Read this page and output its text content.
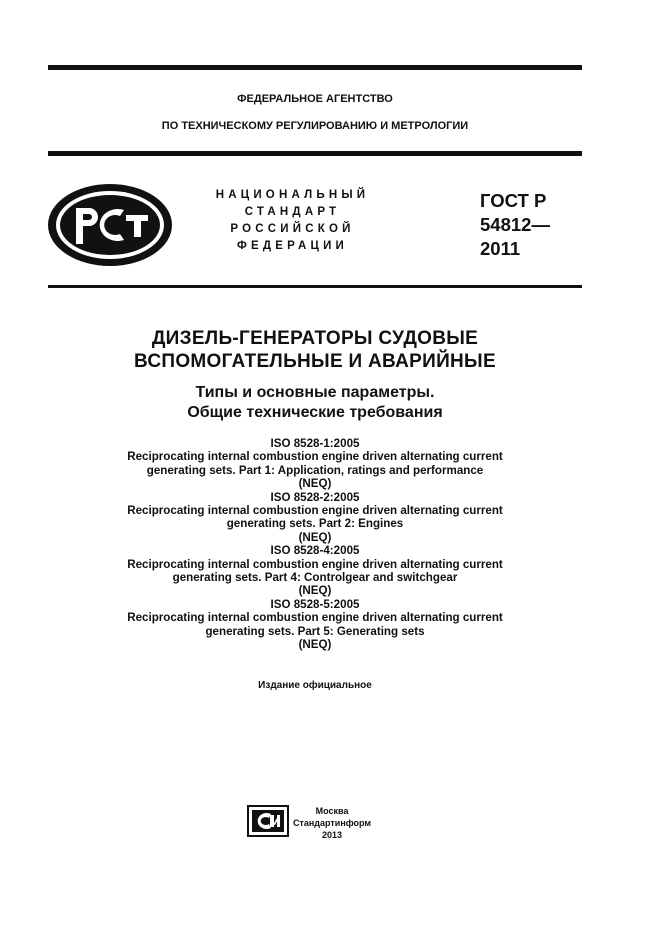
ФЕДЕРАЛЬНОЕ АГЕНТСТВО
ПО ТЕХНИЧЕСКОМУ РЕГУЛИРОВАНИЮ И МЕТРОЛОГИИ
НАЦИОНАЛЬНЫЙ
СТАНДАРТ
РОССИЙСКОЙ
ФЕДЕРАЦИИ
ГОСТ Р
54812—
2011
ДИЗЕЛЬ-ГЕНЕРАТОРЫ СУДОВЫЕ
ВСПОМОГАТЕЛЬНЫЕ И АВАРИЙНЫЕ
Типы и основные параметры.
Общие технические требования
ISO 8528-1:2005
Reciprocating internal combustion engine driven alternating current
generating sets. Part 1: Application, ratings and performance
(NEQ)
ISO 8528-2:2005
Reciprocating internal combustion engine driven alternating current
generating sets. Part 2: Engines
(NEQ)
ISO 8528-4:2005
Reciprocating internal combustion engine driven alternating current
generating sets. Part 4: Controlgear and switchgear
(NEQ)
ISO 8528-5:2005
Reciprocating internal combustion engine driven alternating current
generating sets. Part 5: Generating sets
(NEQ)
Издание официальное
Москва
Стандартинформ
2013
